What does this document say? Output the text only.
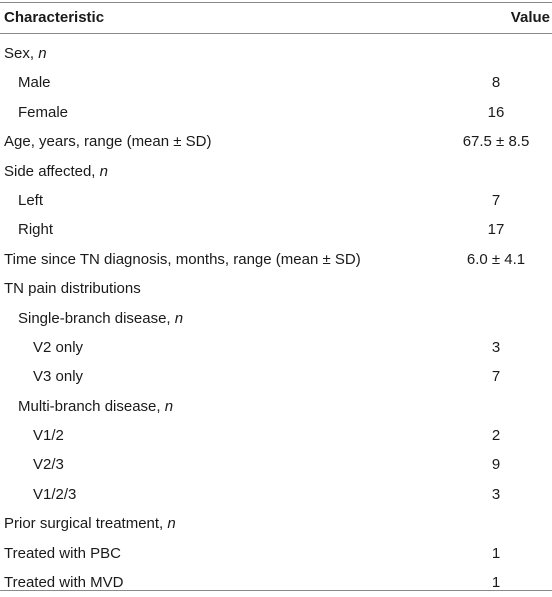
Characteristic	Value
Sex, n
Male	8
Female	16
Age, years, range (mean ± SD)	67.5 ± 8.5
Side affected, n
Left	7
Right	17
Time since TN diagnosis, months, range (mean ± SD)	6.0 ± 4.1
TN pain distributions
Single-branch disease, n
V2 only	3
V3 only	7
Multi-branch disease, n
V1/2	2
V2/3	9
V1/2/3	3
Prior surgical treatment, n
Treated with PBC	1
Treated with MVD	1
